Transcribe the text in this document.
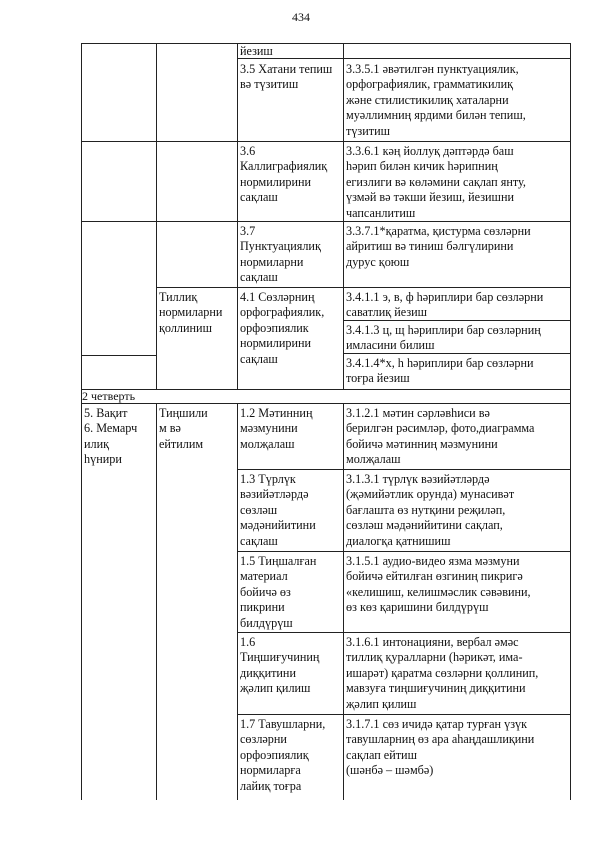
434
йезиш
3.5 Хатани тепиш
вә түзитиш
3.3.5.1 әвәтилгән пунктуациялик,
орфографиялик, грамматикилиқ
жәнe стилистикилиқ хаталарни
муәллимниң ярдими билән тепиш,
түзитиш
3.6
Каллиграфиялиқ
нормилирини
сақлаш
3.3.6.1 кәң йоллуқ дәптәрдә баш
һәрип билән кичик һәрипниң
егизлиги вә көләмини сақлап янту,
үзмәй вә тәкши йезиш, йезишни
чапсанлитиш
3.7
Пунктуациялиқ
нормиларни
сақлаш
3.3.7.1*қаратма, қистурма сөзләрни
айритиш вә тиниш бәлгүлирини
дурус қоюш
Тиллиқ
нормиларни
қоллиниш
4.1 Сөзләрниң
орфографиялик,
орфоэпиялик
нормилирини
сақлаш
3.4.1.1 э, в, ф һәриплири бар сөзләрни
саватлиқ йезиш
3.4.1.3 ц, щ һәриплири бар сөзләрниң
имласини билиш
3.4.1.4*х, һ һәриплири бар сөзләрни
тоғра йезиш
2 четверть
5. Вақит
6. Мемарч
илиқ
һүнири
Тиңшили
м вә
ейтилим
1.2 Мәтинниң
мәзмунини
молҗалаш
3.1.2.1 мәтин сәрләвһиси вә
берилгән рәсимләр, фото,диаграмма
бойичә мәтинниң мәзмунини
молҗалаш
1.3 Түрлүк
вәзийәтләрдә
сөзләш
мәдәнийитини
сақлаш
3.1.3.1 түрлүк вәзийәтләрдә
(җәмийәтлик орунда) мунасивәт
бағлашта өз нутқини реҗиләп,
сөзләш мәдәнийитини сақлап,
диалогқа қатнишиш
1.5 Тиңшалған
материал
бойичә өз
пикрини
билдүрүш
3.1.5.1 аудио-видео язма мәзмуни
бойичә ейтилған өзгиниң пикригә
«келишиш, келишмәслик сәвәвини,
өз көз қаришини билдүрүш
1.6
Тиңшиғучиниң
диққитини
җәлип қилиш
3.1.6.1 интонацияни, вербал әмәс
тиллиқ қуралларни (һәрикәт, има-
ишарәт) қаратма сөзләрни қоллинип,
мавзуға тиңшиғучиниң диққитини
җәлип қилиш
1.7 Тавушларни,
сөзләрни
орфоэпиялиқ
нормиларға
лайиқ тоғра
3.1.7.1 сөз ичидә қатар турған үзүк
тавушларниң өз ара аһаңдашлиқини
сақлап ейтиш
(шәнбә – шәмбә)
